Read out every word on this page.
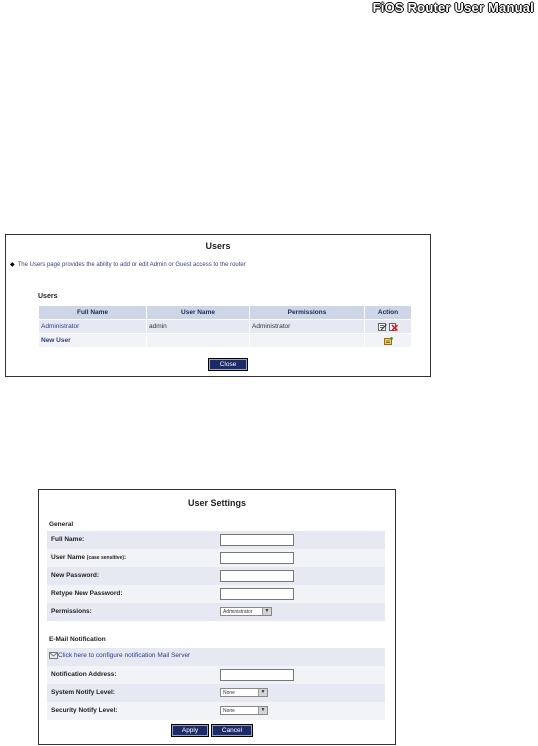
FiOS Router User Manual
Users
◆ The Users page provides the ability to add or edit Admin or Guest access to the router
Users
Full Name	User Name	Permissions	Action
Administrator	admin	Administrator	
New User			
Close
User Settings
General
Full Name:
User Name (case sensitive):
New Password:
Retype New Password:
Permissions:	Administrator	▼
E-Mail Notification
Click here to configure notification Mail Server
Notification Address:
System Notify Level:	None	▼
Security Notify Level:	None	▼
Apply	Cancel
